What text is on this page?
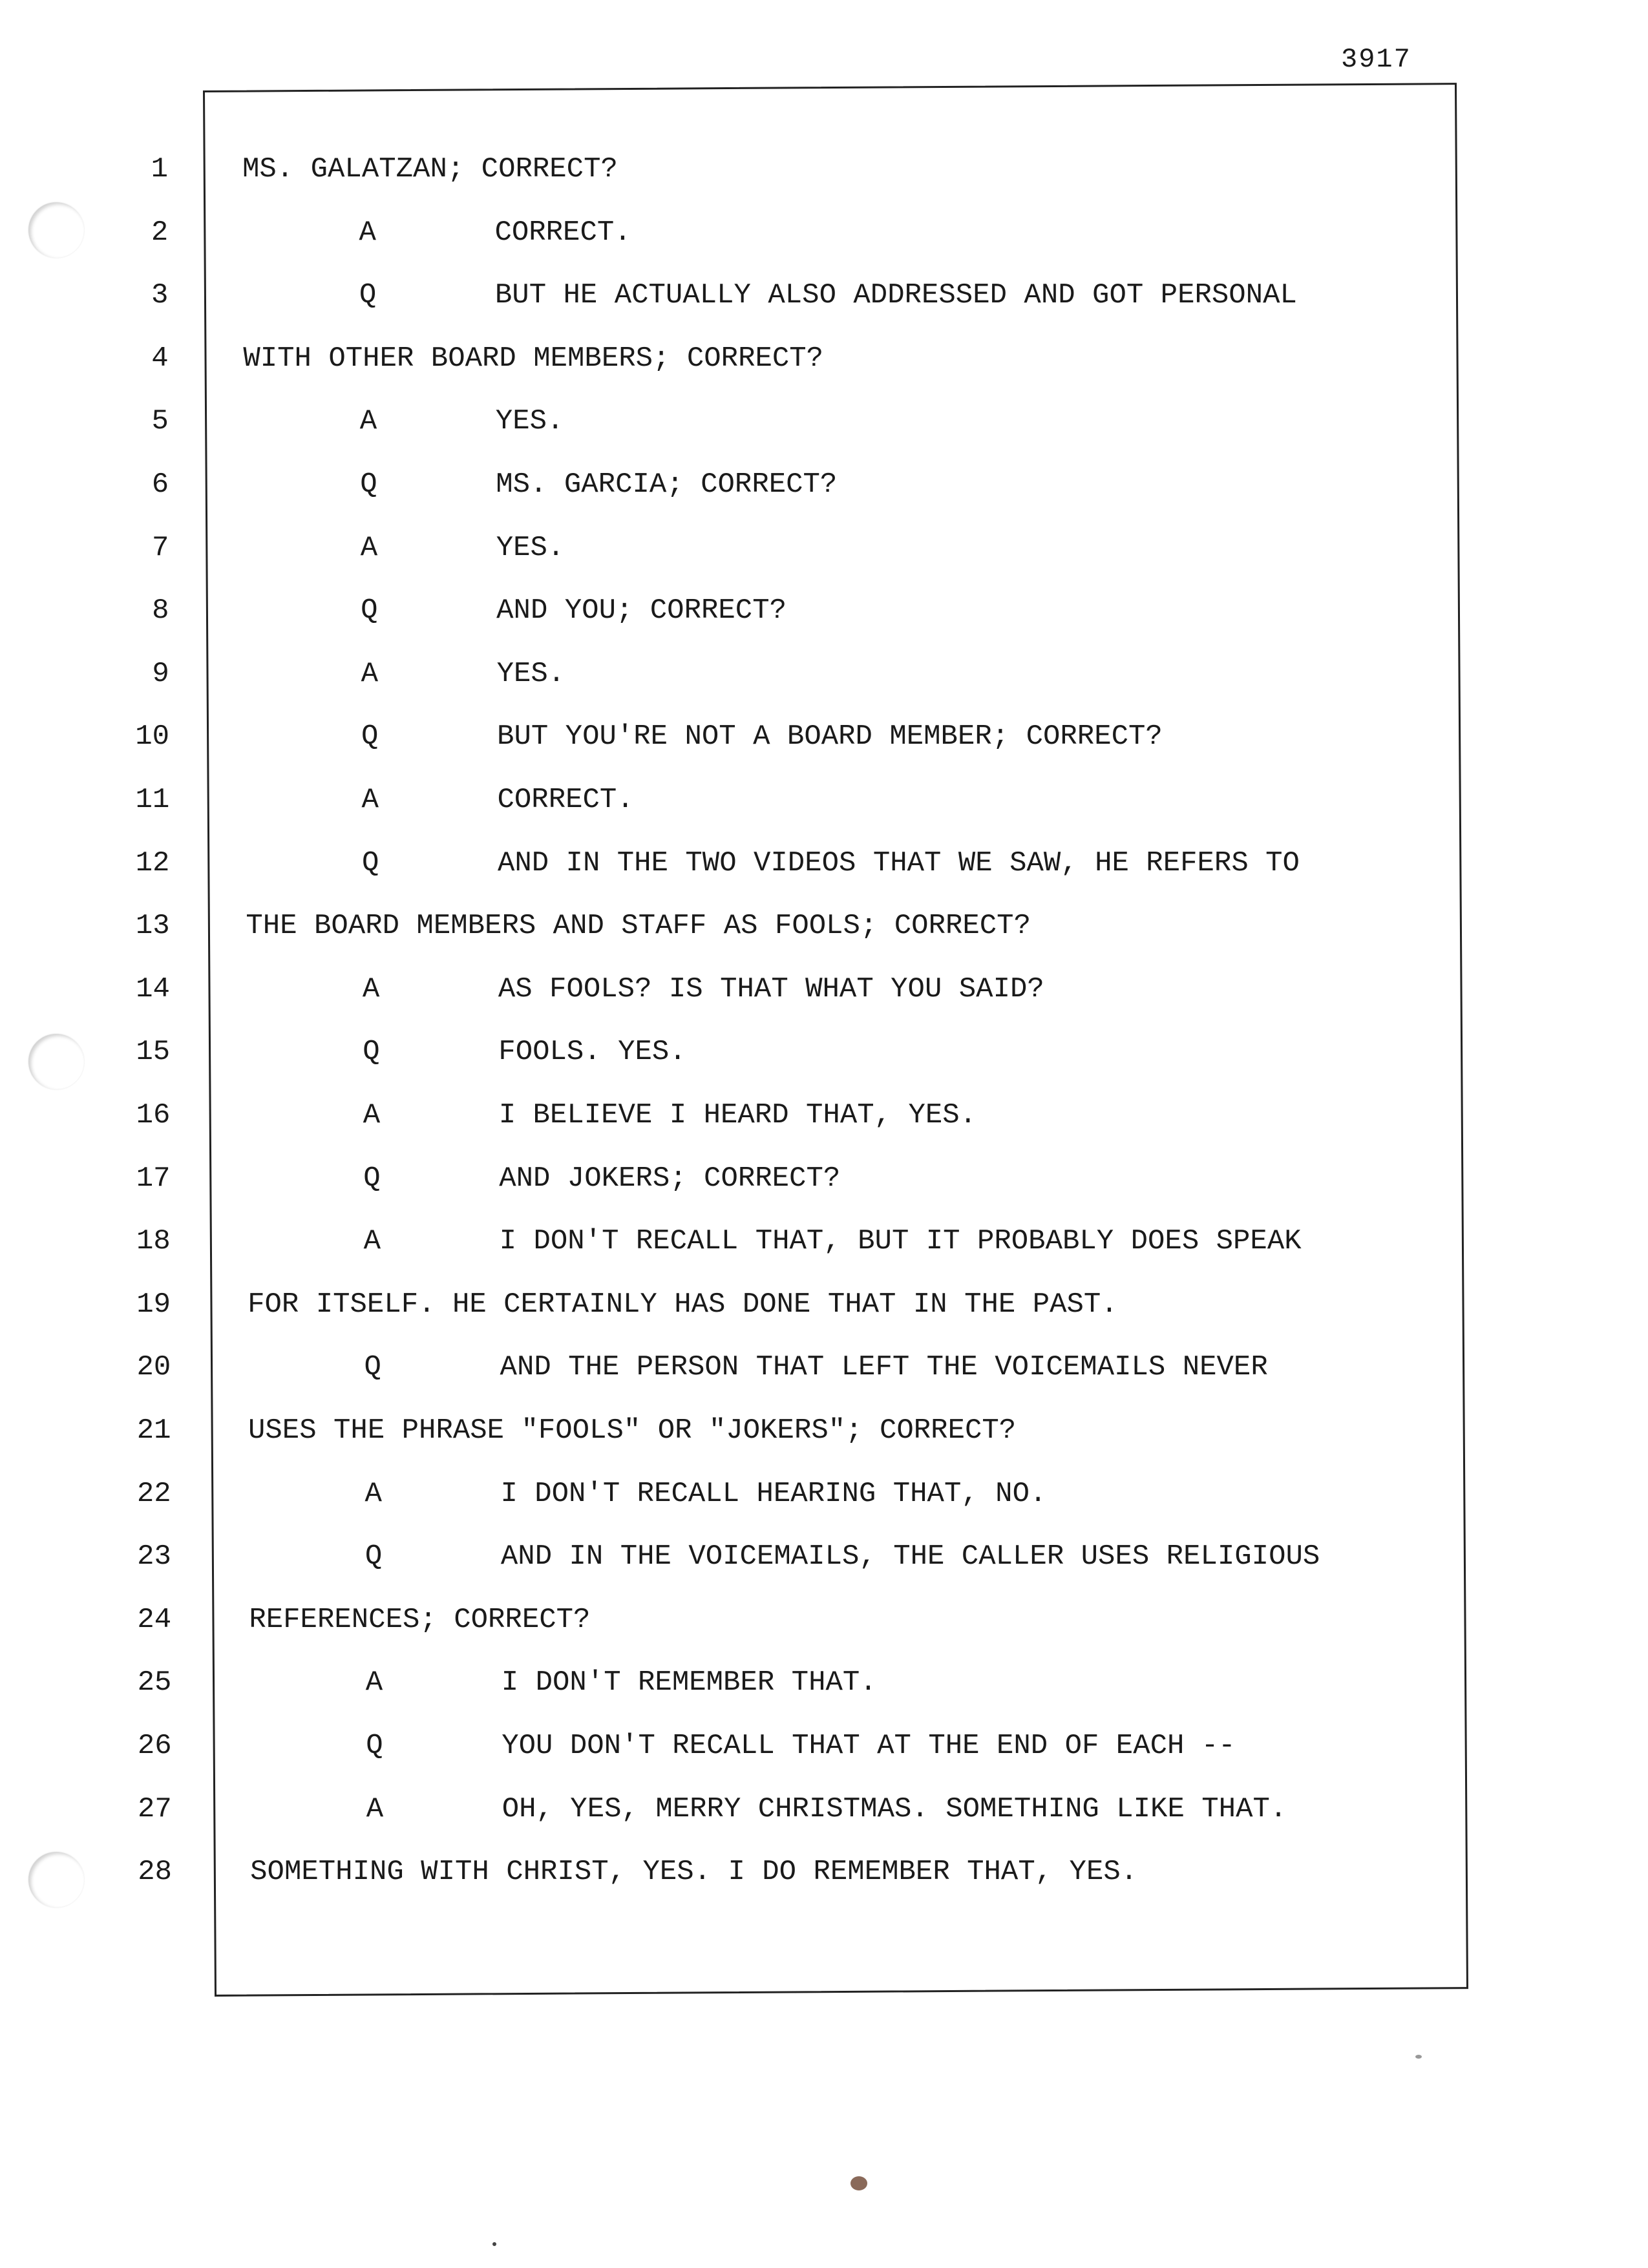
3917
1	MS. GALATZAN; CORRECT?
2	A	CORRECT.
3	Q	BUT HE ACTUALLY ALSO ADDRESSED AND GOT PERSONAL
4	WITH OTHER BOARD MEMBERS; CORRECT?
5	A	YES.
6	Q	MS. GARCIA; CORRECT?
7	A	YES.
8	Q	AND YOU; CORRECT?
9	A	YES.
10	Q	BUT YOU'RE NOT A BOARD MEMBER; CORRECT?
11	A	CORRECT.
12	Q	AND IN THE TWO VIDEOS THAT WE SAW, HE REFERS TO
13	THE BOARD MEMBERS AND STAFF AS FOOLS; CORRECT?
14	A	AS FOOLS? IS THAT WHAT YOU SAID?
15	Q	FOOLS. YES.
16	A	I BELIEVE I HEARD THAT, YES.
17	Q	AND JOKERS; CORRECT?
18	A	I DON'T RECALL THAT, BUT IT PROBABLY DOES SPEAK
19	FOR ITSELF. HE CERTAINLY HAS DONE THAT IN THE PAST.
20	Q	AND THE PERSON THAT LEFT THE VOICEMAILS NEVER
21	USES THE PHRASE "FOOLS" OR "JOKERS"; CORRECT?
22	A	I DON'T RECALL HEARING THAT, NO.
23	Q	AND IN THE VOICEMAILS, THE CALLER USES RELIGIOUS
24	REFERENCES; CORRECT?
25	A	I DON'T REMEMBER THAT.
26	Q	YOU DON'T RECALL THAT AT THE END OF EACH --
27	A	OH, YES, MERRY CHRISTMAS. SOMETHING LIKE THAT.
28	SOMETHING WITH CHRIST, YES. I DO REMEMBER THAT, YES.
